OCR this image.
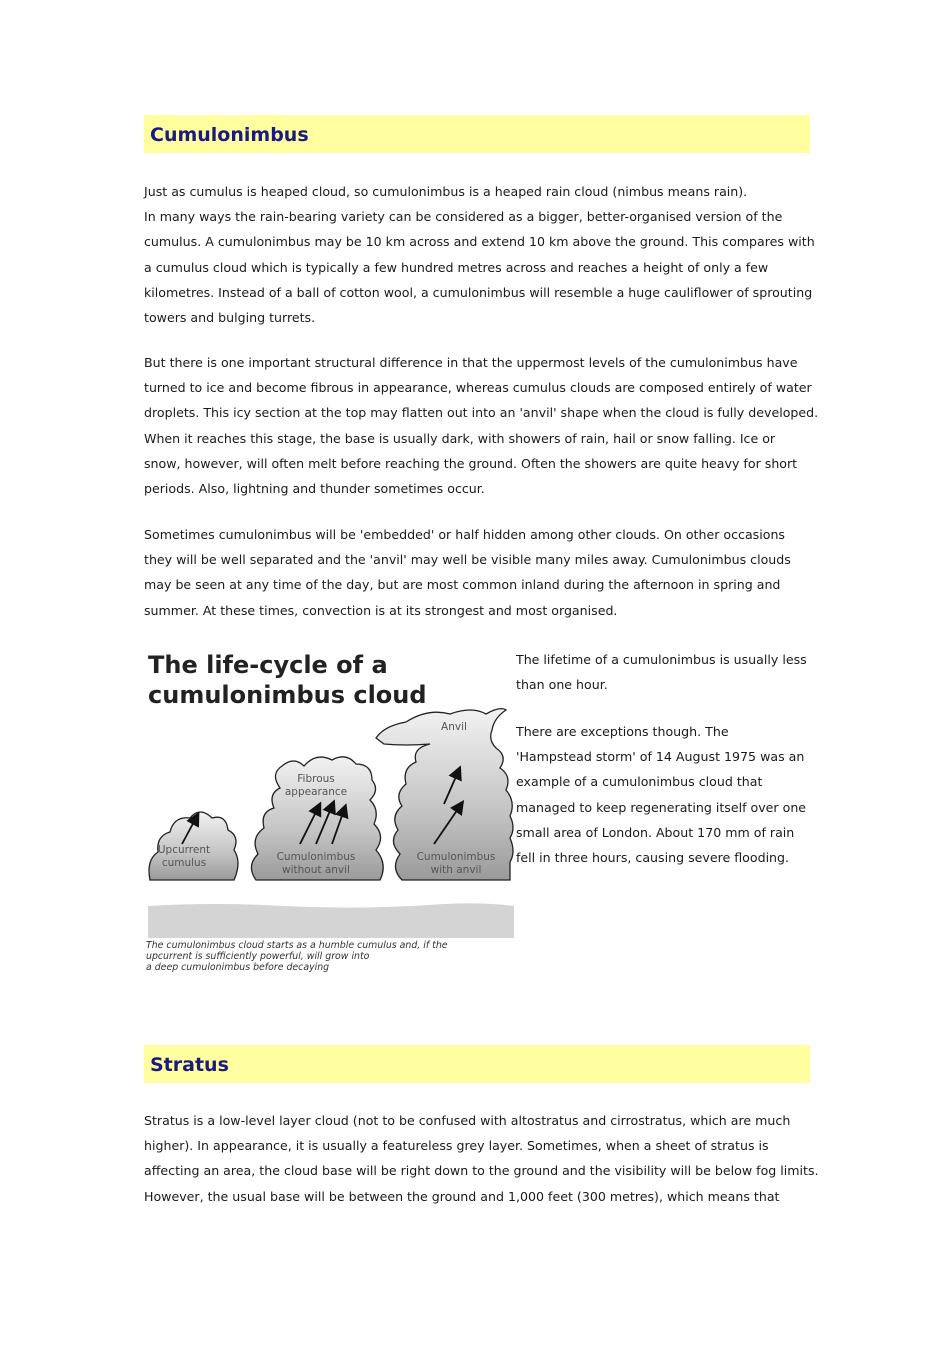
Cumulonimbus

Just as cumulus is heaped cloud, so cumulonimbus is a heaped rain cloud (nimbus means rain).
In many ways the rain-bearing variety can be considered as a bigger, better-organised version of the
cumulus. A cumulonimbus may be 10 km across and extend 10 km above the ground. This compares with
a cumulus cloud which is typically a few hundred metres across and reaches a height of only a few
kilometres. Instead of a ball of cotton wool, a cumulonimbus will resemble a huge cauliflower of sprouting
towers and bulging turrets.

But there is one important structural difference in that the uppermost levels of the cumulonimbus have
turned to ice and become fibrous in appearance, whereas cumulus clouds are composed entirely of water
droplets. This icy section at the top may flatten out into an 'anvil' shape when the cloud is fully developed.
When it reaches this stage, the base is usually dark, with showers of rain, hail or snow falling. Ice or
snow, however, will often melt before reaching the ground. Often the showers are quite heavy for short
periods. Also, lightning and thunder sometimes occur.

Sometimes cumulonimbus will be 'embedded' or half hidden among other clouds. On other occasions
they will be well separated and the 'anvil' may well be visible many miles away. Cumulonimbus clouds
may be seen at any time of the day, but are most common inland during the afternoon in spring and
summer. At these times, convection is at its strongest and most organised.

The life-cycle of a
cumulonimbus cloud
Anvil
Fibrous
appearance
Upcurrent
cumulus	Cumulonimbus
without anvil
Cumulonimbus
with anvil
The cumulonimbus cloud starts as a humble cumulus and, if the
upcurrent is sufficiently powerful, will grow into
a deep cumulonimbus before decaying

The lifetime of a cumulonimbus is usually less
than one hour.

There are exceptions though. The
'Hampstead storm' of 14 August 1975 was an
example of a cumulonimbus cloud that
managed to keep regenerating itself over one
small area of London. About 170 mm of rain
fell in three hours, causing severe flooding.

Stratus

Stratus is a low-level layer cloud (not to be confused with altostratus and cirrostratus, which are much
higher). In appearance, it is usually a featureless grey layer. Sometimes, when a sheet of stratus is
affecting an area, the cloud base will be right down to the ground and the visibility will be below fog limits.
However, the usual base will be between the ground and 1,000 feet (300 metres), which means that
